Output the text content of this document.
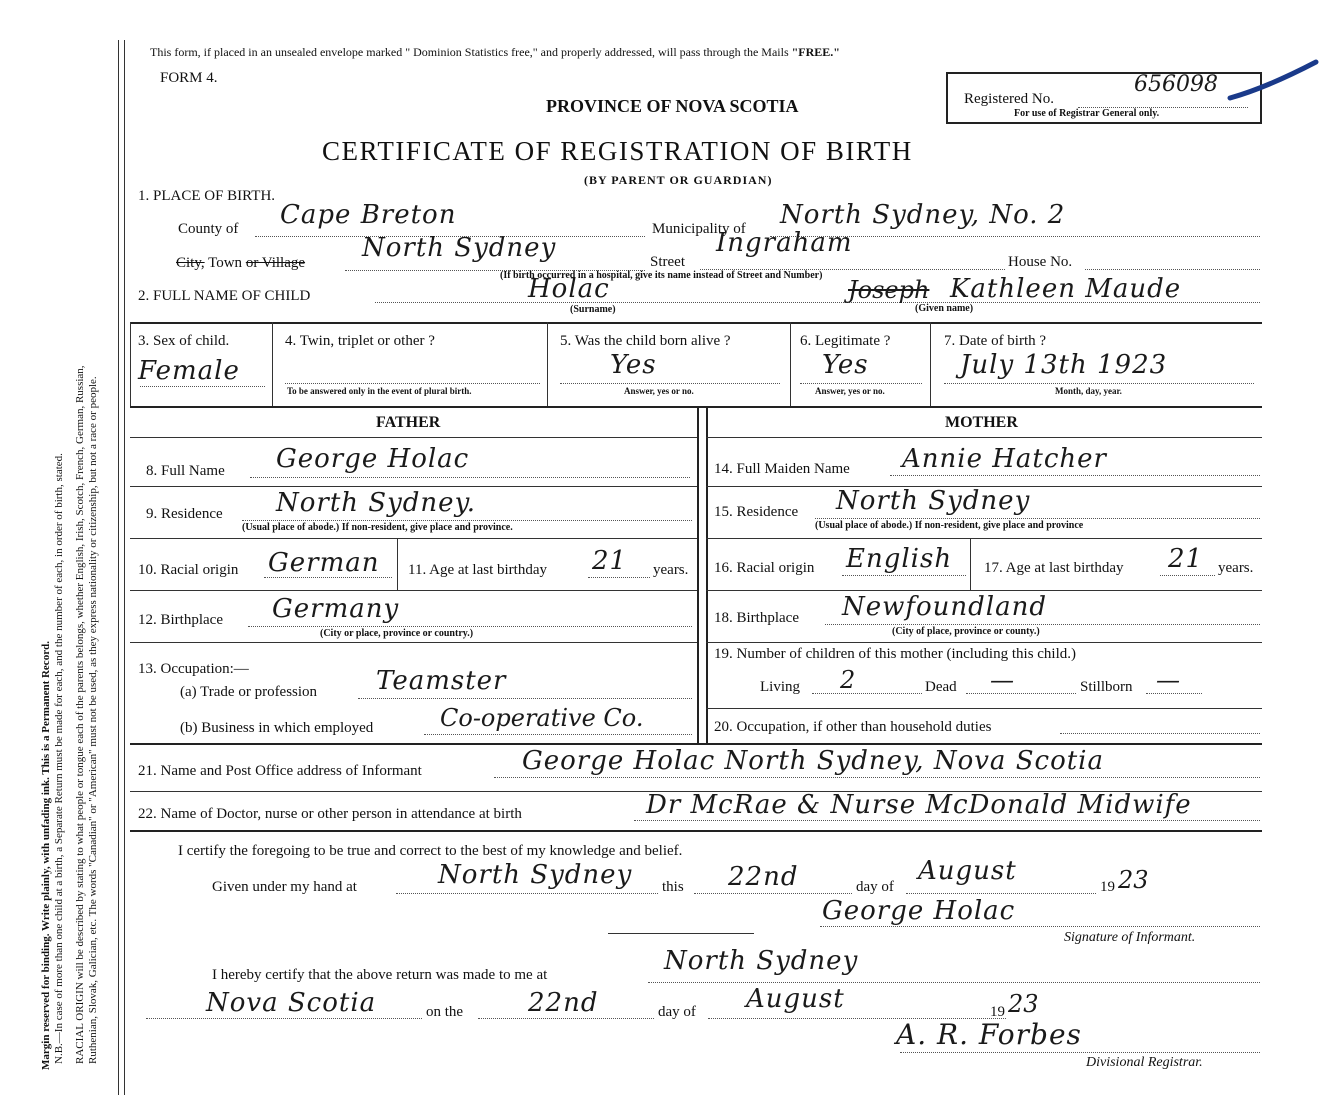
Margin reserved for binding. Write plainly, with unfading ink. This is a Permanent Record. N.B.—In case of more than one child at a birth, a Separate Return must be made for each, and the number of each, in order of birth, stated. RACIAL ORIGIN will be described by stating to what people or tongue each of the parents belongs, whether English, Irish, Scotch, French, German, Russian, Ruthenian, Slovak, Galician, etc. The words "Canadian" or "American" must not be used, as they express nationality or citizenship, but not a race or people.
This form, if placed in an unsealed envelope marked " Dominion Statistics free," and properly addressed, will pass through the Mails "FREE."
FORM 4.
PROVINCE OF NOVA SCOTIA
CERTIFICATE OF REGISTRATION OF BIRTH
(BY PARENT OR GUARDIAN)
Registered No.
656098
For use of Registrar General only.
1. PLACE OF BIRTH.
County of Cape Breton	Municipality of North Sydney, No. 2
City, Town or Village North Sydney	Street
Ingraham
House No.
(If birth occurred in a hospital, give its name instead of Street and Number)
2. FULL NAME OF CHILD	Holac	Joseph Kathleen Maude
(Surname)	(Given name)
3. Sex of child.
Female
4. Twin, triplet or other ?
To be answered only in the event of plural birth.
5. Was the child born alive ?
Yes
Answer, yes or no.
6. Legitimate ?
Yes
Answer, yes or no.
7. Date of birth ?
July 13th 1923
Month, day, year.
FATHER	MOTHER
8. Full Name George Holac
9. Residence North Sydney.
(Usual place of abode.) If non-resident, give place and province.
10. Racial origin German 11. Age at last birthday 21 years.
12. Birthplace Germany
(City or place, province or country.)
13. Occupation:—
(a) Trade or profession Teamster
(b) Business in which employed	Co-operative Co.
14. Full Maiden Name Annie Hatcher
15. Residence North Sydney
(Usual place of abode.) If non-resident, give place and province
16. Racial origin English 17. Age at last birthday 21 years.
18. Birthplace Newfoundland
(City of place, province or county.)
19. Number of children of this mother (including this child.)
Living 2	Dead —	Stillborn —
20. Occupation, if other than household duties
21. Name and Post Office address of Informant	George Holac North Sydney, Nova Scotia
22. Name of Doctor, nurse or other person in attendance at birth	Dr McRae & Nurse McDonald Midwife
I certify the foregoing to be true and correct to the best of my knowledge and belief.
Given under my hand at	North Sydney this 22nd	day of
August
19 23
George Holac
Signature of Informant.
I hereby certify that the above return was made to me at	North Sydney
Nova Scotia	on the 22nd	day of August	19 23
A. R. Forbes
Divisional Registrar.
